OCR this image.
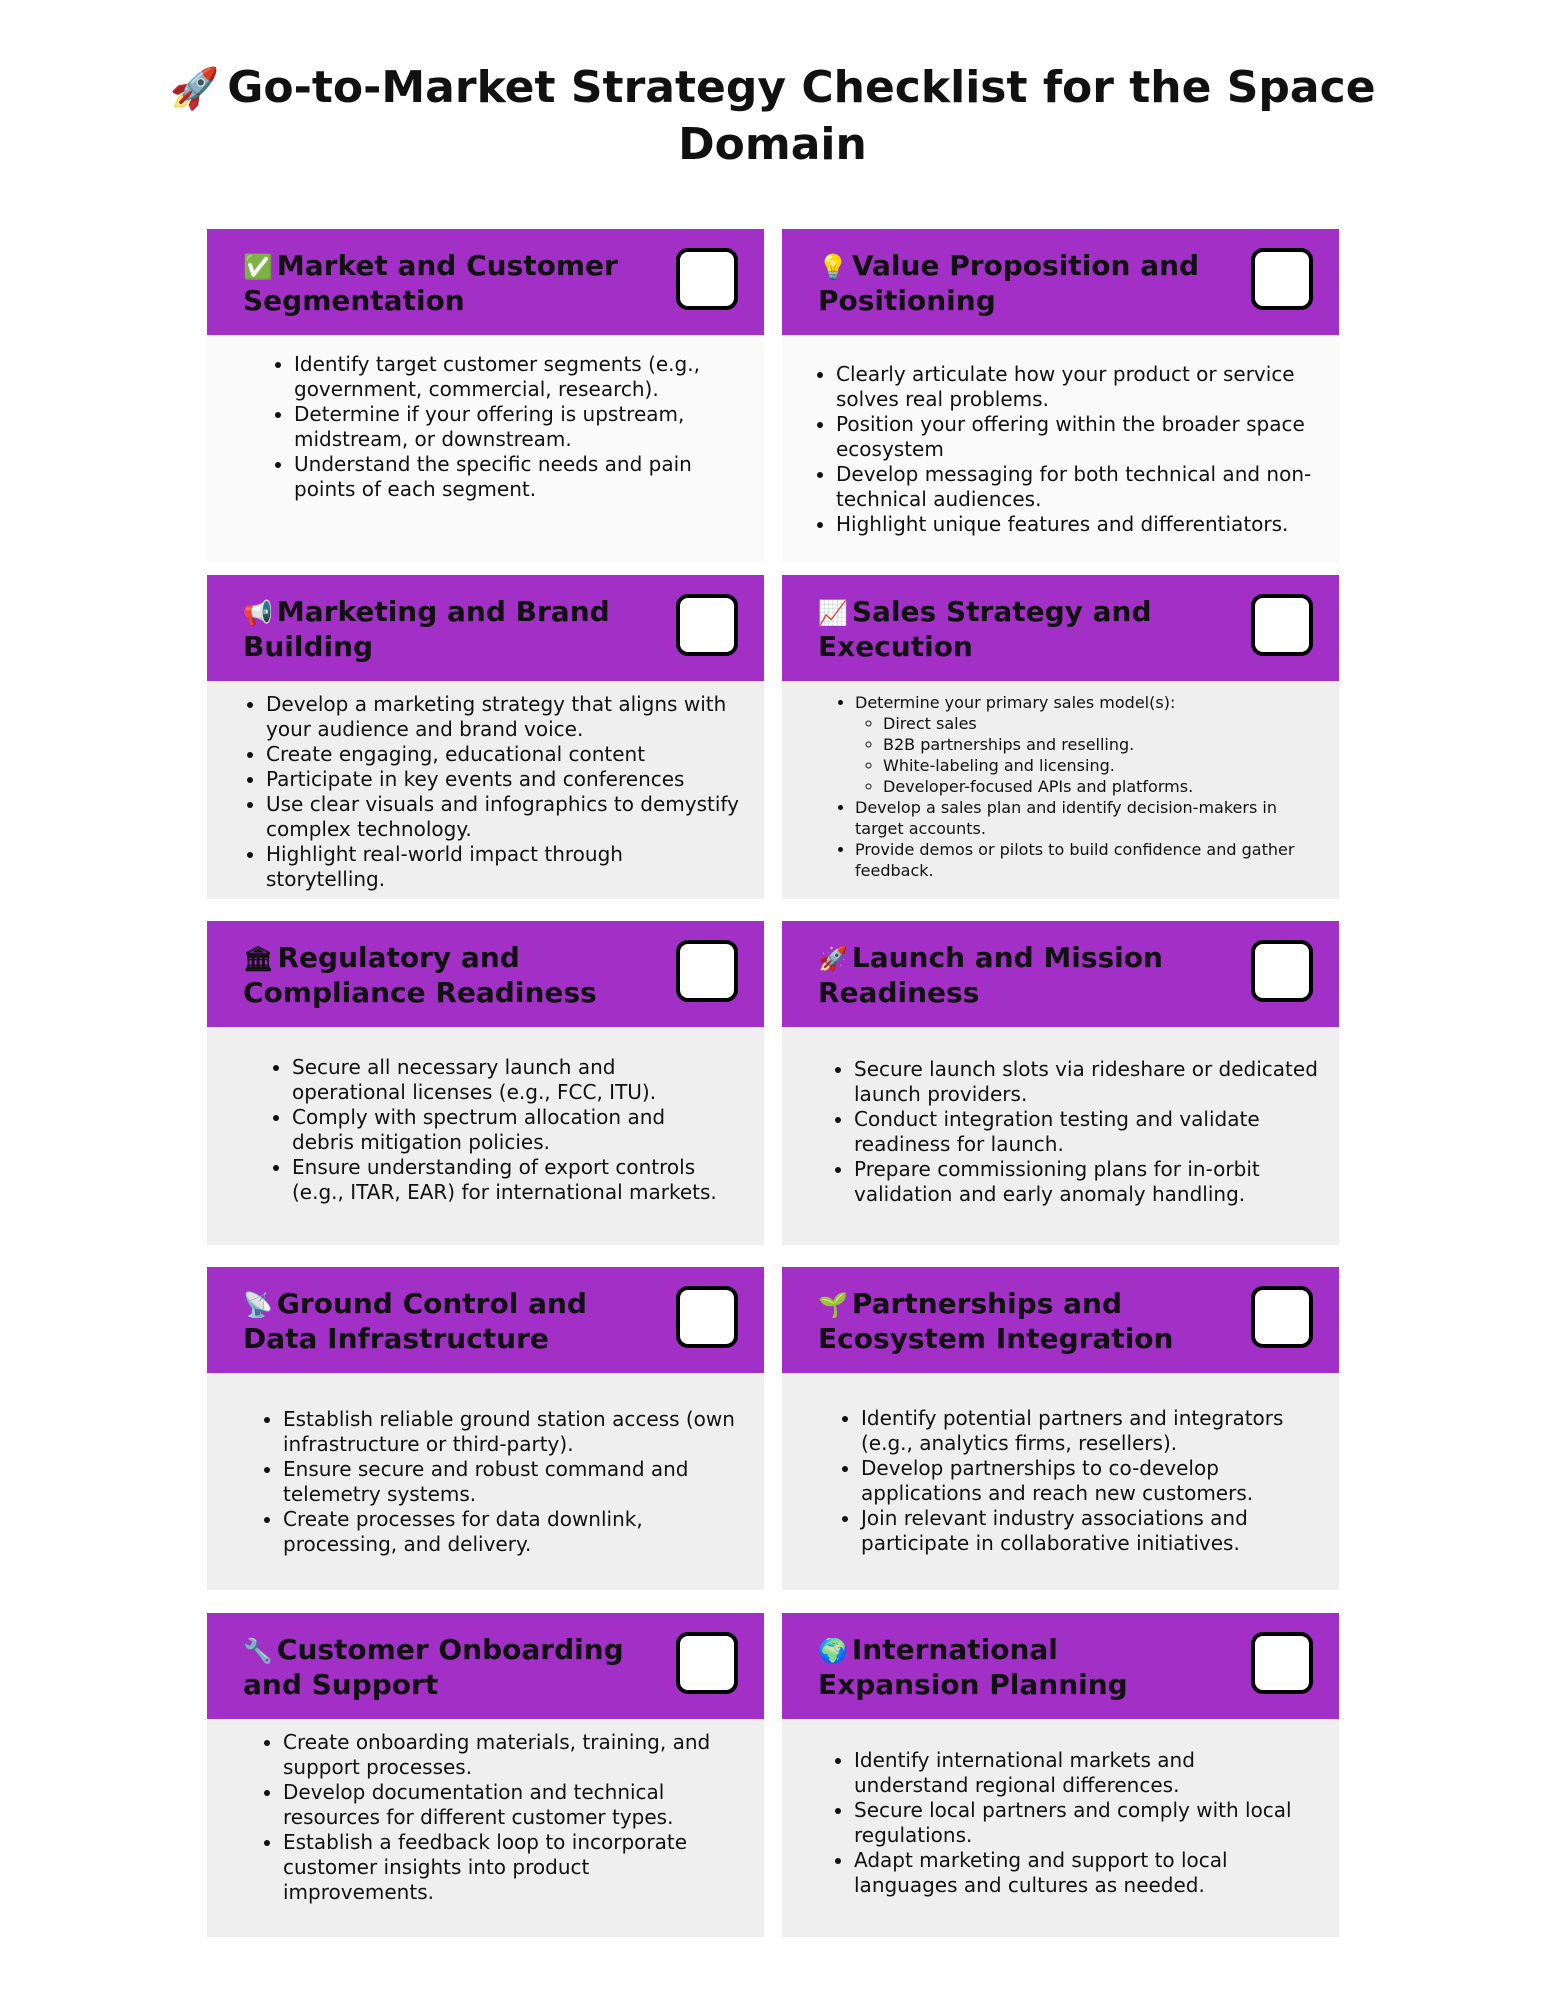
🚀 Go-to-Market Strategy Checklist for the Space Domain
✅ Market and Customer Segmentation
• Identify target customer segments (e.g., government, commercial, research).
• Determine if your offering is upstream, midstream, or downstream.
• Understand the specific needs and pain points of each segment.
💡 Value Proposition and Positioning
• Clearly articulate how your product or service solves real problems.
• Position your offering within the broader space ecosystem
• Develop messaging for both technical and non-technical audiences.
• Highlight unique features and differentiators.
📢 Marketing and Brand Building
• Develop a marketing strategy that aligns with your audience and brand voice.
• Create engaging, educational content
• Participate in key events and conferences
• Use clear visuals and infographics to demystify complex technology.
• Highlight real-world impact through storytelling.
📈 Sales Strategy and Execution
• Determine your primary sales model(s):
◦ Direct sales
◦ B2B partnerships and reselling.
◦ White-labeling and licensing.
◦ Developer-focused APIs and platforms.
• Develop a sales plan and identify decision-makers in target accounts.
• Provide demos or pilots to build confidence and gather feedback.
🏛 Regulatory and Compliance Readiness
• Secure all necessary launch and operational licenses (e.g., FCC, ITU).
• Comply with spectrum allocation and debris mitigation policies.
• Ensure understanding of export controls (e.g., ITAR, EAR) for international markets.
🚀 Launch and Mission Readiness
• Secure launch slots via rideshare or dedicated launch providers.
• Conduct integration testing and validate readiness for launch.
• Prepare commissioning plans for in-orbit validation and early anomaly handling.
📡 Ground Control and Data Infrastructure
• Establish reliable ground station access (own infrastructure or third-party).
• Ensure secure and robust command and telemetry systems.
• Create processes for data downlink, processing, and delivery.
🌱 Partnerships and Ecosystem Integration
• Identify potential partners and integrators (e.g., analytics firms, resellers).
• Develop partnerships to co-develop applications and reach new customers.
• Join relevant industry associations and participate in collaborative initiatives.
🔧 Customer Onboarding and Support
• Create onboarding materials, training, and support processes.
• Develop documentation and technical resources for different customer types.
• Establish a feedback loop to incorporate customer insights into product improvements.
🌍 International Expansion Planning
• Identify international markets and understand regional differences.
• Secure local partners and comply with local regulations.
• Adapt marketing and support to local languages and cultures as needed.
